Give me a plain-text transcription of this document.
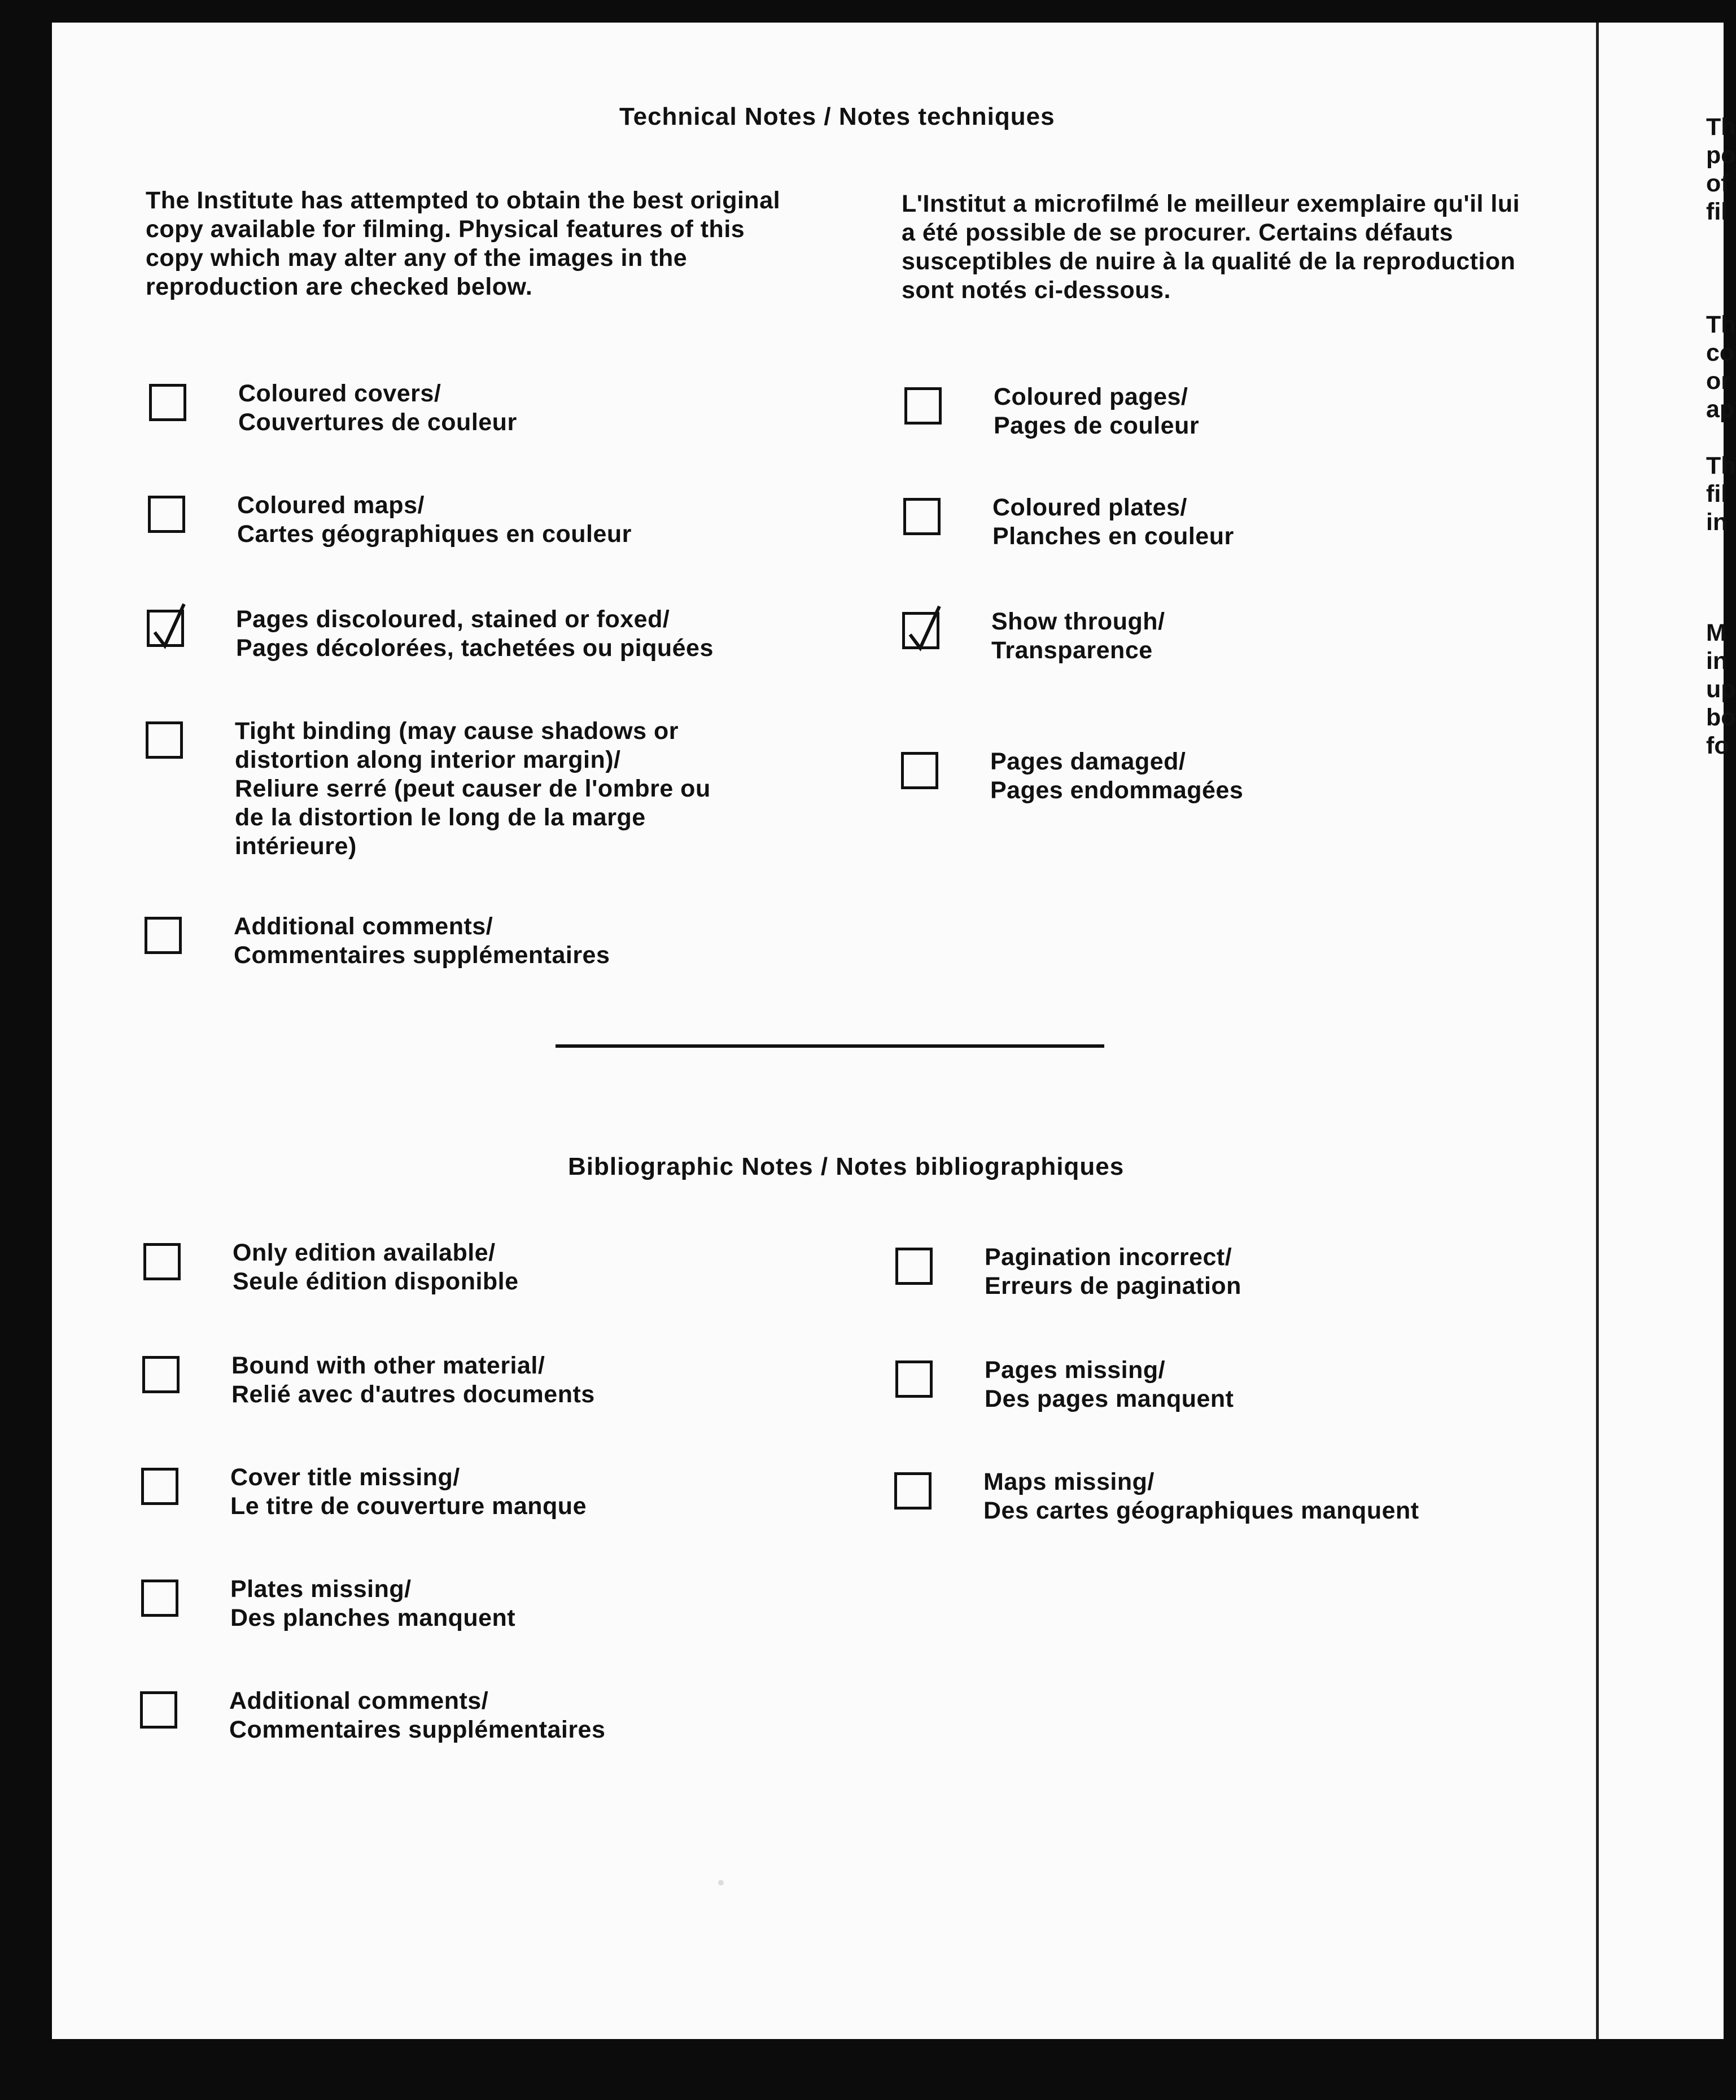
Technical Notes / Notes techniques
The Institute has attempted to obtain the best original copy available for filming. Physical features of this copy which may alter any of the images in the reproduction are checked below.
L'Institut a microfilmé le meilleur exemplaire qu'il lui a été possible de se procurer. Certains défauts susceptibles de nuire à la qualité de la reproduction sont notés ci-dessous.
Coloured covers/
Couvertures de couleur
Coloured maps/
Cartes géographiques en couleur
Pages discoloured, stained or foxed/
Pages décolorées, tachetées ou piquées
Tight binding (may cause shadows or
distortion along interior margin)/
Reliure serré (peut causer de l'ombre ou
de la distortion le long de la marge
intérieure)
Additional comments/
Commentaires supplémentaires
Coloured pages/
Pages de couleur
Coloured plates/
Planches en couleur
Show through/
Transparence
Pages damaged/
Pages endommagées
Bibliographic Notes / Notes bibliographiques
Only edition available/
Seule édition disponible
Bound with other material/
Relié avec d'autres documents
Cover title missing/
Le titre de couverture manque
Plates missing/
Des planches manquent
Additional comments/
Commentaires supplémentaires
Pagination incorrect/
Erreurs de pagination
Pages missing/
Des pages manquent
Maps missing/
Des cartes géographiques manquent
Th
po
of
fil
Th
co
or
ap
Th
fil
in
M
in
up
bo
fo
